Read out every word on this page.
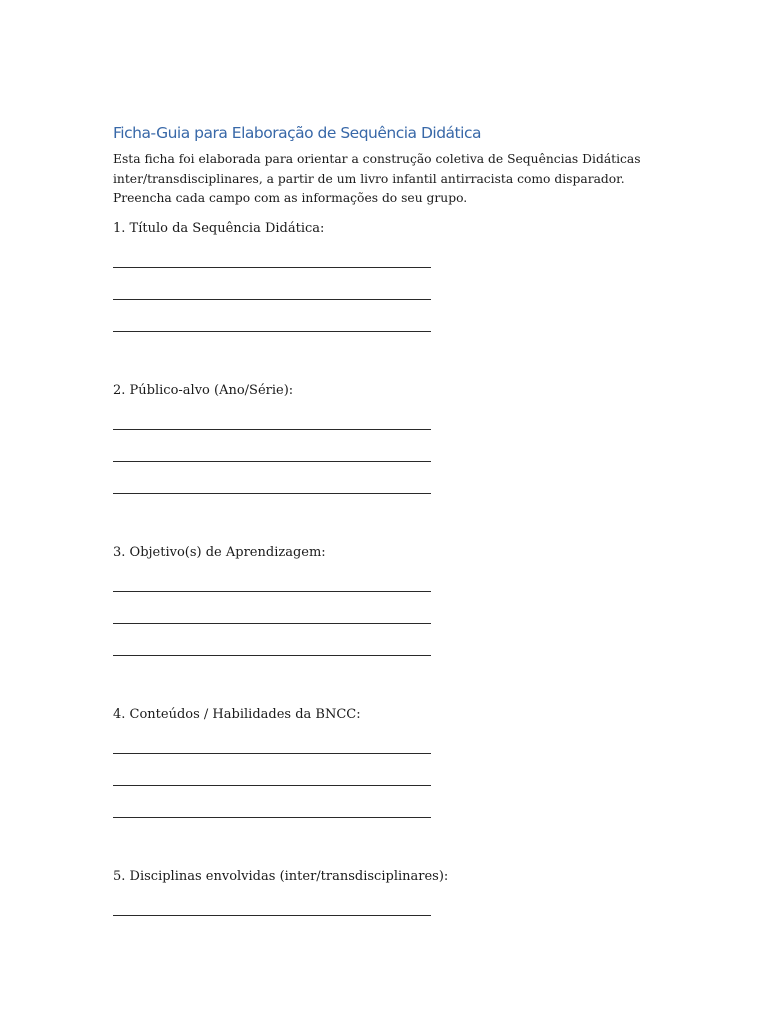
Ficha-Guia para Elaboração de Sequência Didática
Esta ficha foi elaborada para orientar a construção coletiva de Sequências Didáticas
inter/transdisciplinares, a partir de um livro infantil antirracista como disparador.
Preencha cada campo com as informações do seu grupo.
1. Título da Sequência Didática:
2. Público-alvo (Ano/Série):
3. Objetivo(s) de Aprendizagem:
4. Conteúdos / Habilidades da BNCC:
5. Disciplinas envolvidas (inter/transdisciplinares):
